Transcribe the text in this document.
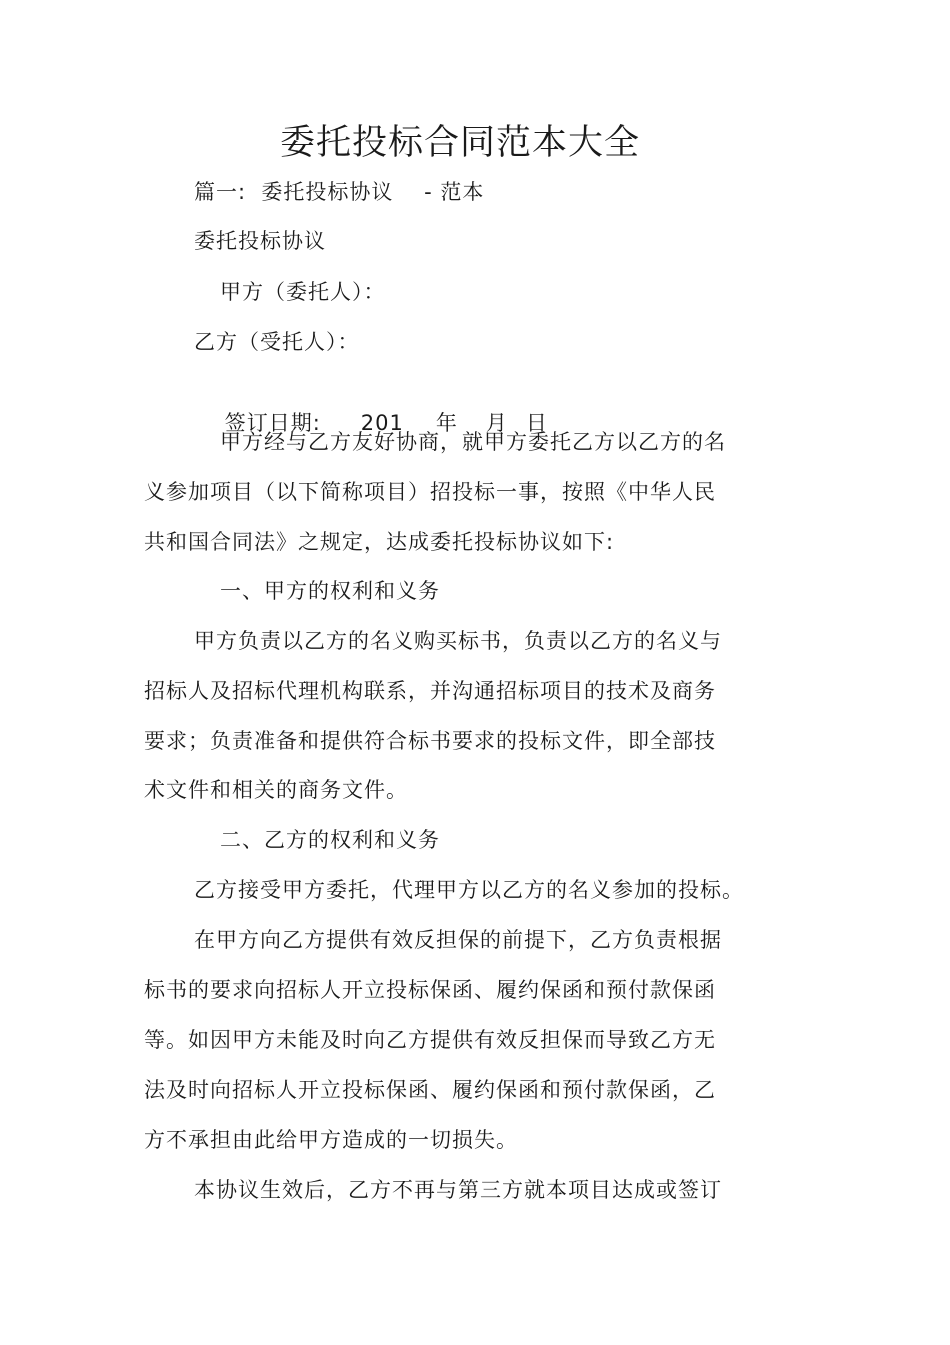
委托投标合同范本大全
篇一:  委托投标协议    - 范本
委托投标协议
甲方（委托人）：
乙方（受托人）：

签订日期: 201 年 月 日

甲方经与乙方友好协商，就甲方委托乙方以乙方的名
义参加项目（以下简称项目）招投标一事，按照《中华人民
共和国合同法》之规定，达成委托投标协议如下:
一、甲方的权利和义务
甲方负责以乙方的名义购买标书，负责以乙方的名义与
招标人及招标代理机构联系，并沟通招标项目的技术及商务
要求；负责准备和提供符合标书要求的投标文件，即全部技
术文件和相关的商务文件。
二、乙方的权利和义务
乙方接受甲方委托，代理甲方以乙方的名义参加的投标。
在甲方向乙方提供有效反担保的前提下，乙方负责根据
标书的要求向招标人开立投标保函、履约保函和预付款保函
等。如因甲方未能及时向乙方提供有效反担保而导致乙方无
法及时向招标人开立投标保函、履约保函和预付款保函，乙
方不承担由此给甲方造成的一切损失。
本协议生效后，乙方不再与第三方就本项目达成或签订
